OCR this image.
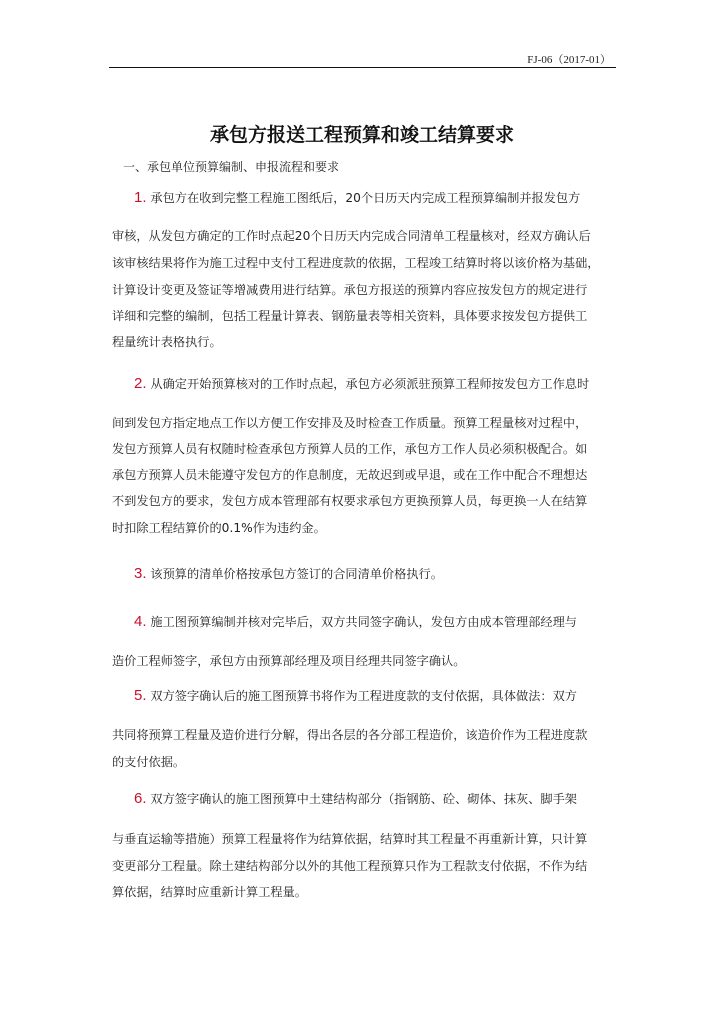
FJ-06（2017-01）
承包方报送工程预算和竣工结算要求
一、承包单位预算编制、申报流程和要求
1. 承包方在收到完整工程施工图纸后，20个日历天内完成工程预算编制并报发包方
审核，从发包方确定的工作时点起20个日历天内完成合同清单工程量核对，经双方确认后
该审核结果将作为施工过程中支付工程进度款的依据，工程竣工结算时将以该价格为基础，
计算设计变更及签证等增减费用进行结算。承包方报送的预算内容应按发包方的规定进行
详细和完整的编制，包括工程量计算表、钢筋量表等相关资料，具体要求按发包方提供工
程量统计表格执行。
2. 从确定开始预算核对的工作时点起，承包方必须派驻预算工程师按发包方工作息时
间到发包方指定地点工作以方便工作安排及及时检查工作质量。预算工程量核对过程中，
发包方预算人员有权随时检查承包方预算人员的工作，承包方工作人员必须积极配合。如
承包方预算人员未能遵守发包方的作息制度，无故迟到或早退，或在工作中配合不理想达
不到发包方的要求，发包方成本管理部有权要求承包方更换预算人员，每更换一人在结算
时扣除工程结算价的0.1%作为违约金。
3. 该预算的清单价格按承包方签订的合同清单价格执行。
4. 施工图预算编制并核对完毕后，双方共同签字确认，发包方由成本管理部经理与
造价工程师签字，承包方由预算部经理及项目经理共同签字确认。
5. 双方签字确认后的施工图预算书将作为工程进度款的支付依据，具体做法：双方
共同将预算工程量及造价进行分解，得出各层的各分部工程造价，该造价作为工程进度款
的支付依据。
6. 双方签字确认的施工图预算中土建结构部分（指钢筋、砼、砌体、抹灰、脚手架
与垂直运输等措施）预算工程量将作为结算依据，结算时其工程量不再重新计算，只计算
变更部分工程量。除土建结构部分以外的其他工程预算只作为工程款支付依据，不作为结
算依据，结算时应重新计算工程量。
